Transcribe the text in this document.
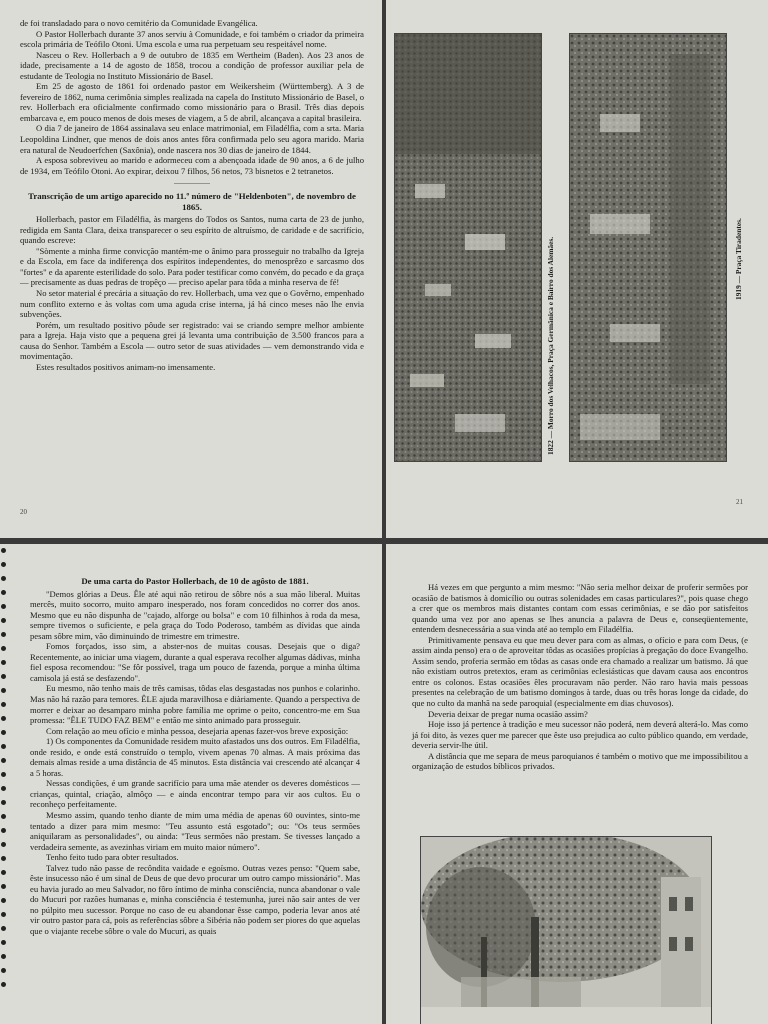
de foi transladado para o novo cemitério da Comunidade Evangélica.

O Pastor Hollerbach durante 37 anos serviu à Comunidade, e foi também o criador da primeira escola primária de Teófilo Otoni. Uma escola e uma rua perpetuam seu respeitável nome.

Nasceu o Rev. Hollerbach a 9 de outubro de 1835 em Wertheim (Baden). Aos 23 anos de idade, precisamente a 14 de agosto de 1858, trocou a condição de professor auxiliar pela de estudante de Teologia no Instituto Missionário de Basel.

Em 25 de agosto de 1861 foi ordenado pastor em Weikersheim (Württemberg). A 3 de fevereiro de 1862, numa cerimônia simples realizada na capela do Instituto Missionário de Basel, o rev. Hollerbach era oficialmente confirmado como missionário para o Brasil. Três dias depois embarcava e, em pouco menos de dois meses de viagem, a 5 de abril, alcançava a capital brasileira.

O dia 7 de janeiro de 1864 assinalava seu enlace matrimonial, em Filadélfia, com a srta. Maria Leopoldina Lindner, que menos de dois anos antes fôra confirmada pelo seu agora marido. Maria era natural de Neudoerfchen (Saxônia), onde nascera nos 30 dias de janeiro de 1844.

A esposa sobreviveu ao marido e adormeceu com a abençoada idade de 90 anos, a 6 de julho de 1934, em Teófilo Otoni. Ao expirar, deixou 7 filhos, 56 netos, 73 bisnetos e 2 tetranetos.

..................
Transcrição de um artigo aparecido no 11.º número de "Heldenboten", de novembro de 1865.

Hollerbach, pastor em Filadélfia, às margens do Todos os Santos, numa carta de 23 de junho, redigida em Santa Clara, deixa transparecer o seu espírito de altruísmo, de caridade e de sacrifício, quando escreve:

"Sòmente a minha firme convicção mantém-me o ânimo para prosseguir no trabalho da Igreja e da Escola, em face da indiferença dos espíritos independentes, do menosprêzo e sarcasmo dos "fortes" e da aparente esterilidade do solo. Para poder testificar como convém, do pecado e da graça — precisamente as duas pedras de tropêço — preciso apelar para tôda a minha reserva de fé!

No setor material é precária a situação do rev. Hollerbach, uma vez que o Govêrno, empenhado num conflito externo e às voltas com uma aguda crise interna, já há cinco meses não lhe envia subvenções.

Porém, um resultado positivo pôude ser registrado: vai se criando sempre melhor ambiente para a Igreja. Haja visto que a pequena grei já levanta uma contribuição de 3.500 francos para a causa do Senhor. Também a Escola — outro setor de suas atividades — vem demonstrando vida e movimentação.

Estes resultados positivos animam-no imensamente.

20
1822 — Morro dos Velhacos, Praça Germânica e Bairro dos Alemães.	1919 — Praça Tiradentes.
21
De uma carta do Pastor Hollerbach, de 10 de agôsto de 1881.

"Demos glórias a Deus. Êle até aqui não retirou de sôbre nós a sua mão liberal. Muitas mercês, muito socorro, muito amparo inesperado, nos foram concedidos no correr dos anos. Mesmo que eu não dispunha de "cajado, alforge ou bolsa" e com 10 filhinhos à roda da mesa, sempre tivemos o suficiente, e pela graça do Todo Poderoso, também as dívidas que ainda pesam sôbre mim, vão diminuindo de trimestre em trimestre.

Fomos forçados, isso sim, a abster-nos de muitas cousas. Desejais que o diga? Recentemente, ao iniciar uma viagem, durante a qual esperava recolher algumas dádivas, minha fiel esposa recomendou: "Se fôr possível, traga um pouco de fazenda, porque a minha última camisola já está se desfazendo".

Eu mesmo, não tenho mais de três camisas, tôdas elas desgastadas nos punhos e colarinho. Mas não há razão para temores. ÊLE ajuda maravilhosa e diàriamente. Quando a perspectiva de morrer e deixar ao desamparo minha pobre família me oprime o peito, concentro-me em Sua promessa: "ÊLE TUDO FAZ BEM" e então me sinto animado para prosseguir.

Com relação ao meu ofício e minha pessoa, desejaria apenas fazer-vos breve exposição:

1) Os componentes da Comunidade residem muito afastados uns dos outros. Em Filadélfia, onde resido, e onde está construído o templo, vivem apenas 70 almas. A mais próxima das demais almas reside a uma distância de 45 minutos. Esta distância vai crescendo até alcançar 4 a 5 horas.

Nessas condições, é um grande sacrifício para uma mãe atender os deveres domésticos — crianças, quintal, criação, almôço — e ainda encontrar tempo para vir aos cultos. Eu o reconheço perfeitamente.

Mesmo assim, quando tenho diante de mim uma média de apenas 60 ouvintes, sinto-me tentado a dizer para mim mesmo: "Teu assunto está esgotado"; ou: "Os teus sermões aniquilaram as personalidades", ou ainda: "Teus sermões não prestam. Se tivesses lançado a verdadeira semente, as avezinhas viriam em muito maior número".

Tenho feito tudo para obter resultados.

Talvez tudo não passe de recôndita vaidade e egoísmo. Outras vezes penso: "Quem sabe, êste insucesso não é um sinal de Deus de que devo procurar um outro campo missionário". Mas eu havia jurado ao meu Salvador, no fôro íntimo de minha consciência, nunca abandonar o vale do Mucuri por razões humanas e, minha consciência é testemunha, jurei não sair antes de ver no púlpito meu sucessor. Porque no caso de eu abandonar êsse campo, poderia levar anos até vir outro pastor para cá, pois as referências sôbre a Sibéria não podem ser piores do que aquelas que o viajante recebe sôbre o vale do Mucuri, as quais

Há vezes em que pergunto a mim mesmo: "Não seria melhor deixar de proferir sermões por ocasião de batismos à domicílio ou outras solenidades em casas particulares?", pois quase chego a crer que os membros mais distantes contam com essas cerimônias, e se dão por satisfeitos quando uma vez por ano apenas se lhes anuncia a palavra de Deus e, conseqüentemente, entendem desnecessária a sua vinda até ao templo em Filadélfia.

Primitivamente pensava eu que meu dever para com as almas, o ofício e para com Deus, (e assim ainda penso) era o de aproveitar tôdas as ocasiões propícias à pregação do doce Evangelho. Assim sendo, proferia sermão em tôdas as casas onde era chamado a realizar um batismo. Já que não existiam outros pretextos, eram as cerimônias eclesiásticas que davam causa aos encontros entre os colonos. Estas ocasiões êles procuravam não perder. Não raro havia mais pessoas presentes na celebração de um batismo domingos à tarde, duas ou três horas longe da cidade, do que no culto da manhã na sede paroquial (especialmente em dias chuvosos).

Deveria deixar de pregar numa ocasião assim?

Hoje isso já pertence à tradição e meu sucessor não poderá, nem deverá alterá-lo. Mas como já foi dito, às vezes quer me parecer que êste uso prejudica ao culto público quando, em verdade, deveria servir-lhe útil.

A distância que me separa de meus paroquianos é também o motivo que me impossibilitou a organização de estudos bíblicos privados.
